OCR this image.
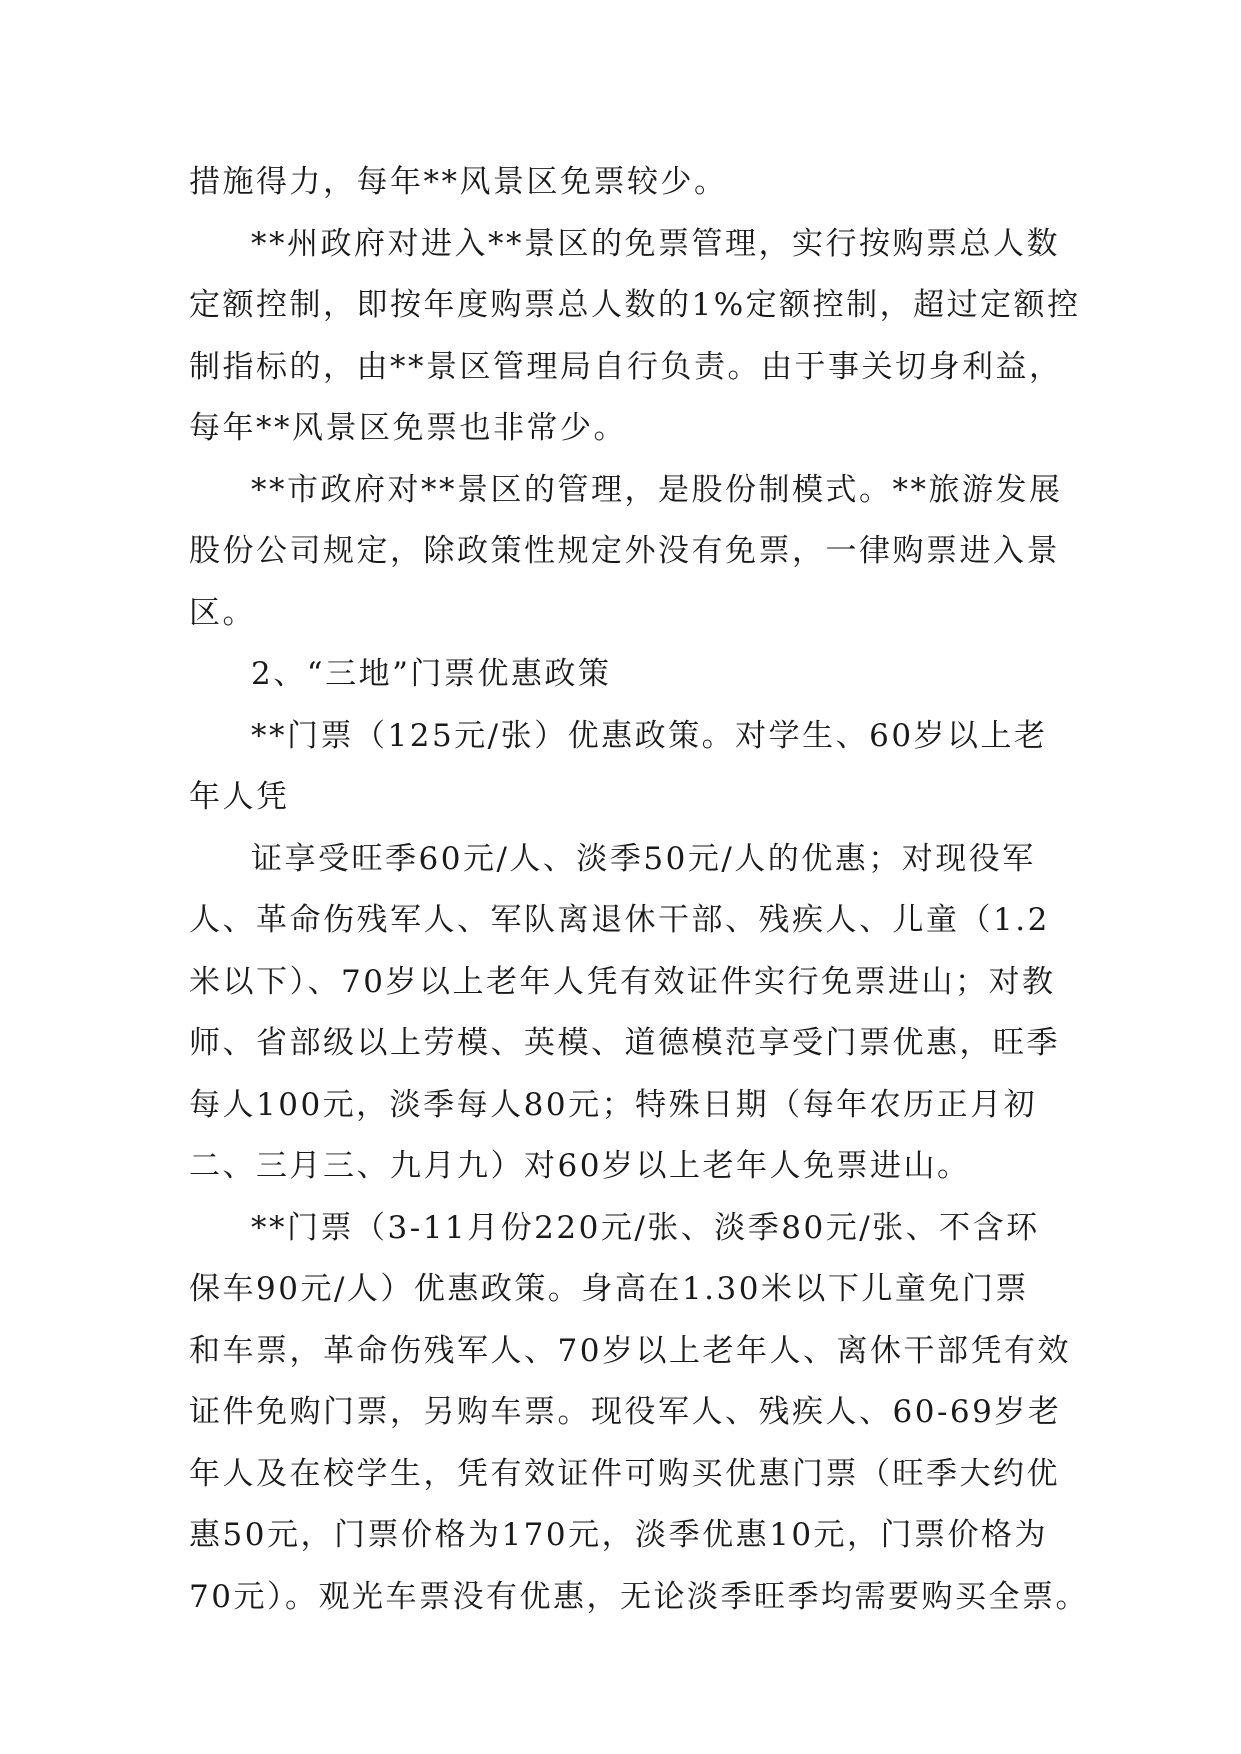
措施得力，每年**风景区免票较少。
**州政府对进入**景区的免票管理，实行按购票总人数
定额控制，即按年度购票总人数的1%定额控制，超过定额控
制指标的，由**景区管理局自行负责。由于事关切身利益，
每年**风景区免票也非常少。
**市政府对**景区的管理，是股份制模式。**旅游发展
股份公司规定，除政策性规定外没有免票，一律购票进入景
区。
2、“三地”门票优惠政策
**门票（125元/张）优惠政策。对学生、60岁以上老
年人凭
证享受旺季60元/人、淡季50元/人的优惠；对现役军
人、革命伤残军人、军队离退休干部、残疾人、儿童（1.2
米以下）、70岁以上老年人凭有效证件实行免票进山；对教
师、省部级以上劳模、英模、道德模范享受门票优惠，旺季
每人100元，淡季每人80元；特殊日期（每年农历正月初
二、三月三、九月九）对60岁以上老年人免票进山。
**门票（3-11月份220元/张、淡季80元/张、不含环
保车90元/人）优惠政策。身高在1.30米以下儿童免门票
和车票，革命伤残军人、70岁以上老年人、离休干部凭有效
证件免购门票，另购车票。现役军人、残疾人、60-69岁老
年人及在校学生，凭有效证件可购买优惠门票（旺季大约优
惠50元，门票价格为170元，淡季优惠10元，门票价格为
70元）。观光车票没有优惠，无论淡季旺季均需要购买全票。
